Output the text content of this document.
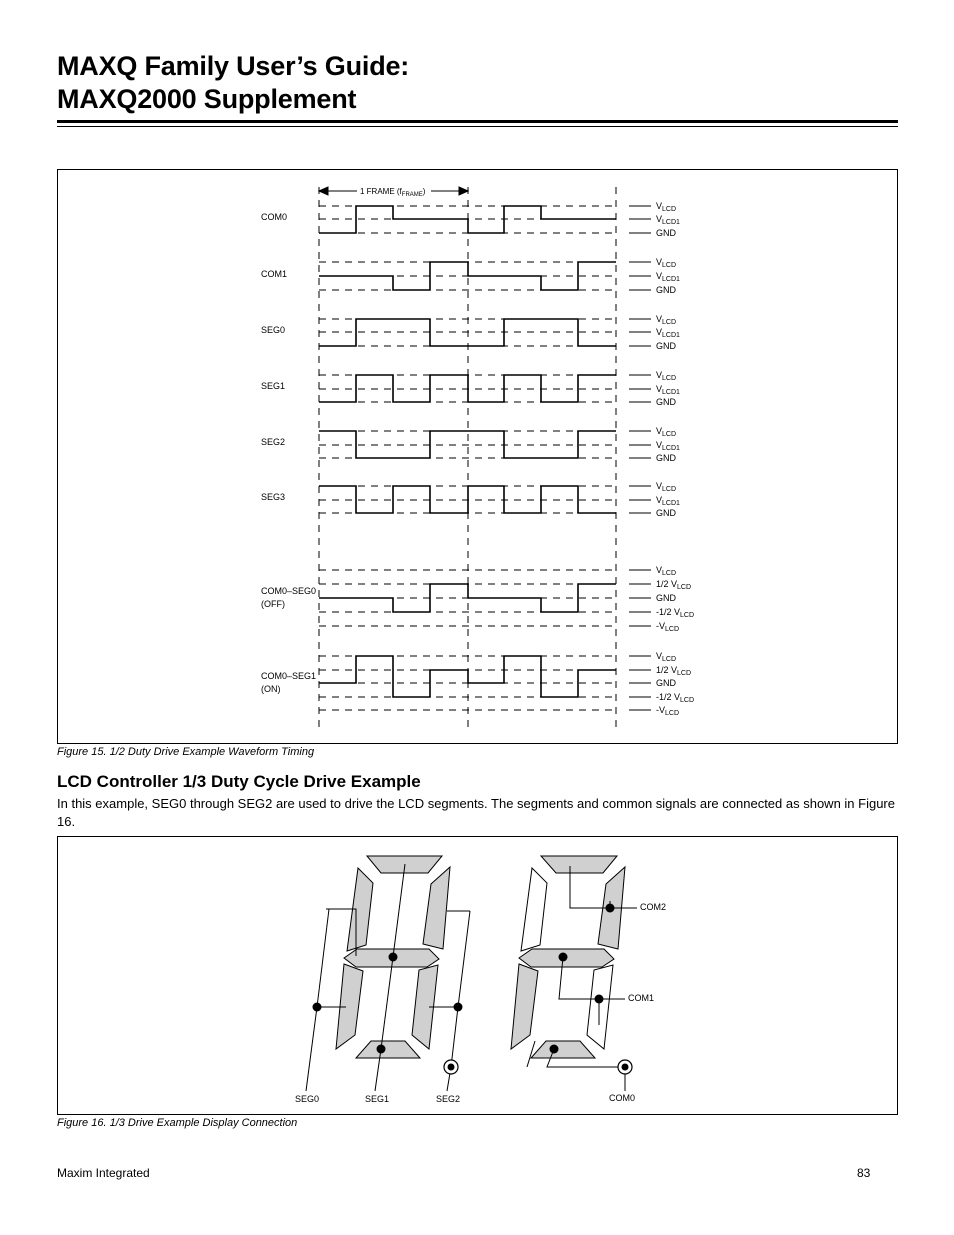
MAXQ Family User’s Guide:
MAXQ2000 Supplement
$V_{LCD}$
$V_{LCD1}$
GND
COM0
$V_{LCD}$
$V_{LCD1}$
GND
COM1
$V_{LCD}$
$V_{LCD1}$
GND
SEG0
$V_{LCD}$
$V_{LCD1}$
GND
SEG1
$V_{LCD}$
$V_{LCD1}$
GND
SEG2
$V_{LCD}$
$V_{LCD1}$
GND
SEG3
$V_{LCD}$
1/2 $V_{LCD}$
GND
-1/2 $V_{LCD}$
$-V_{LCD}$
COM0–SEG0
(OFF)
$V_{LCD}$
1/2 $V_{LCD}$
GND
-1/2 $V_{LCD}$
$-V_{LCD}$
COM0–SEG1
(ON)
1 FRAME $(f_{FRAME})$
Figure 15. 1/2 Duty Drive Example Waveform Timing
LCD Controller 1/3 Duty Cycle Drive Example

In this example, SEG0 through SEG2 are used to drive the LCD segments. The segments and common signals are connected as shown in Figure 16.

SEG0	SEG1	SEG2	COM0
COM1
COM2
Figure 16. 1/3 Drive Example Display Connection
Maxim Integrated	83
